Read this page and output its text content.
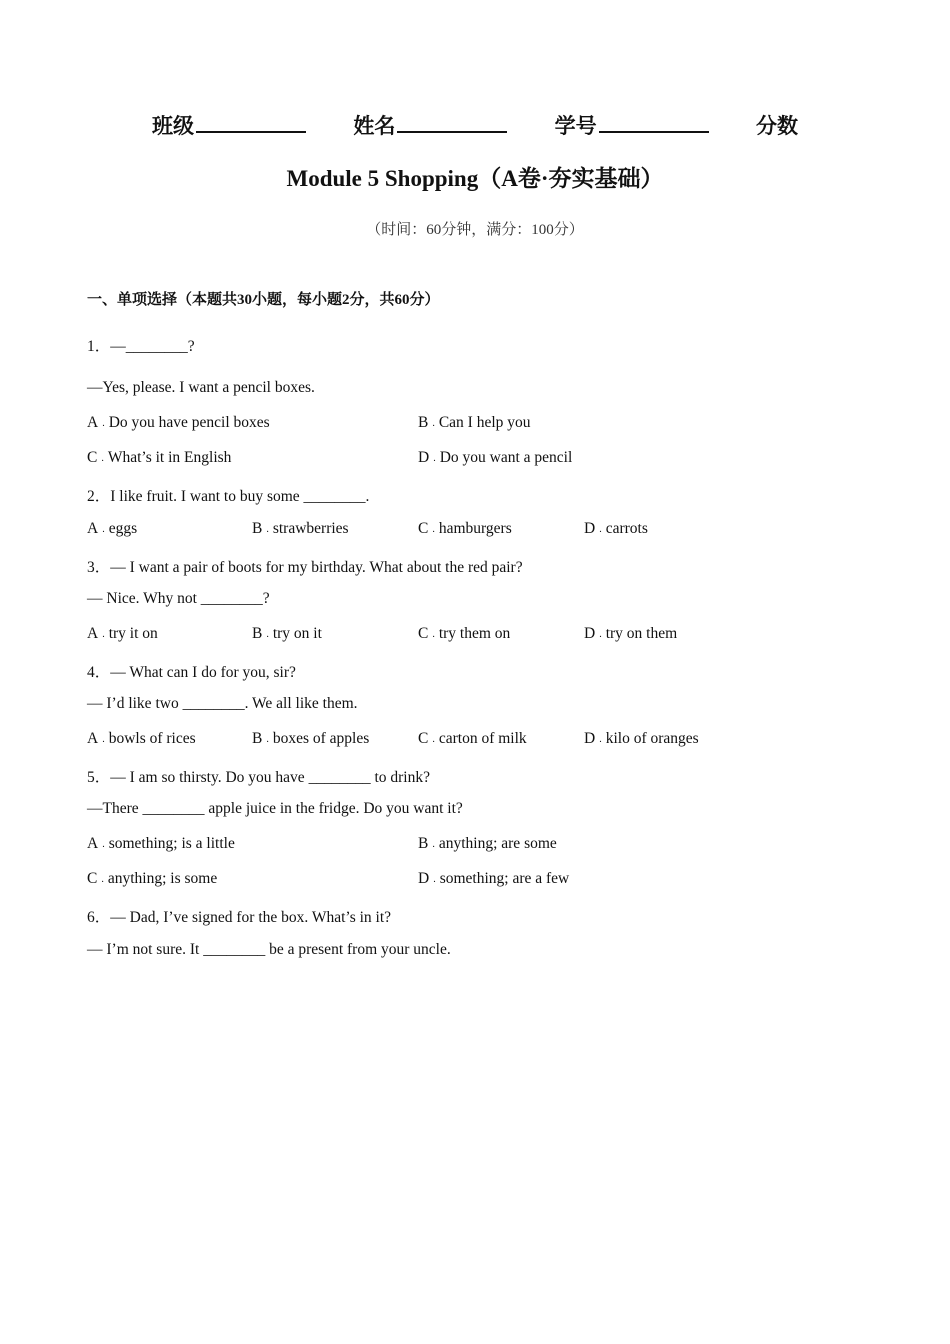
班级	姓名	学号	分数
Module 5 Shopping（A卷·夯实基础）
（时间：60分钟，满分：100分）
一、单项选择（本题共30小题，每小题2分，共60分）
1．—________?
—Yes, please. I want a pencil boxes.
A . Do you have pencil boxes	B . Can I help you
C . What’s it in English	D . Do you want a pencil
2．I like fruit. I want to buy some ________.
A . eggs	B . strawberries	C . hamburgers	D . carrots
3．— I want a pair of boots for my birthday. What about the red pair?
— Nice. Why not ________?
A . try it on	B . try on it	C . try them on	D . try on them
4．— What can I do for you, sir?
— I’d like two ________. We all like them.
A . bowls of rices	B . boxes of apples	C . carton of milk	D . kilo of oranges
5．— I am so thirsty. Do you have ________ to drink?
—There ________ apple juice in the fridge. Do you want it?
A . something; is a little	B . anything; are some
C . anything; is some	D . something; are a few
6．— Dad, I’ve signed for the box. What’s in it?
— I’m not sure. It ________ be a present from your uncle.
